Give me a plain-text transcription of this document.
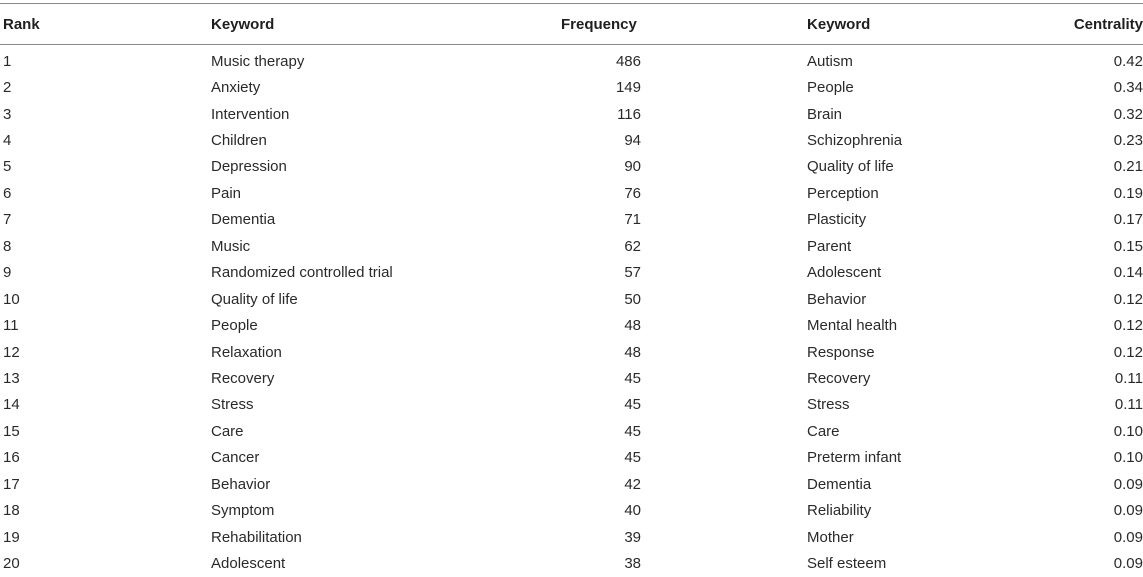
Rank	Keyword	Frequency		Keyword	Centrality
1	Music therapy	486		Autism	0.42
2	Anxiety	149		People	0.34
3	Intervention	116		Brain	0.32
4	Children	94		Schizophrenia	0.23
5	Depression	90		Quality of life	0.21
6	Pain	76		Perception	0.19
7	Dementia	71		Plasticity	0.17
8	Music	62		Parent	0.15
9	Randomized controlled trial	57		Adolescent	0.14
10	Quality of life	50		Behavior	0.12
11	People	48		Mental health	0.12
12	Relaxation	48		Response	0.12
13	Recovery	45		Recovery	0.11
14	Stress	45		Stress	0.11
15	Care	45		Care	0.10
16	Cancer	45		Preterm infant	0.10
17	Behavior	42		Dementia	0.09
18	Symptom	40		Reliability	0.09
19	Rehabilitation	39		Mother	0.09
20	Adolescent	38		Self esteem	0.09
